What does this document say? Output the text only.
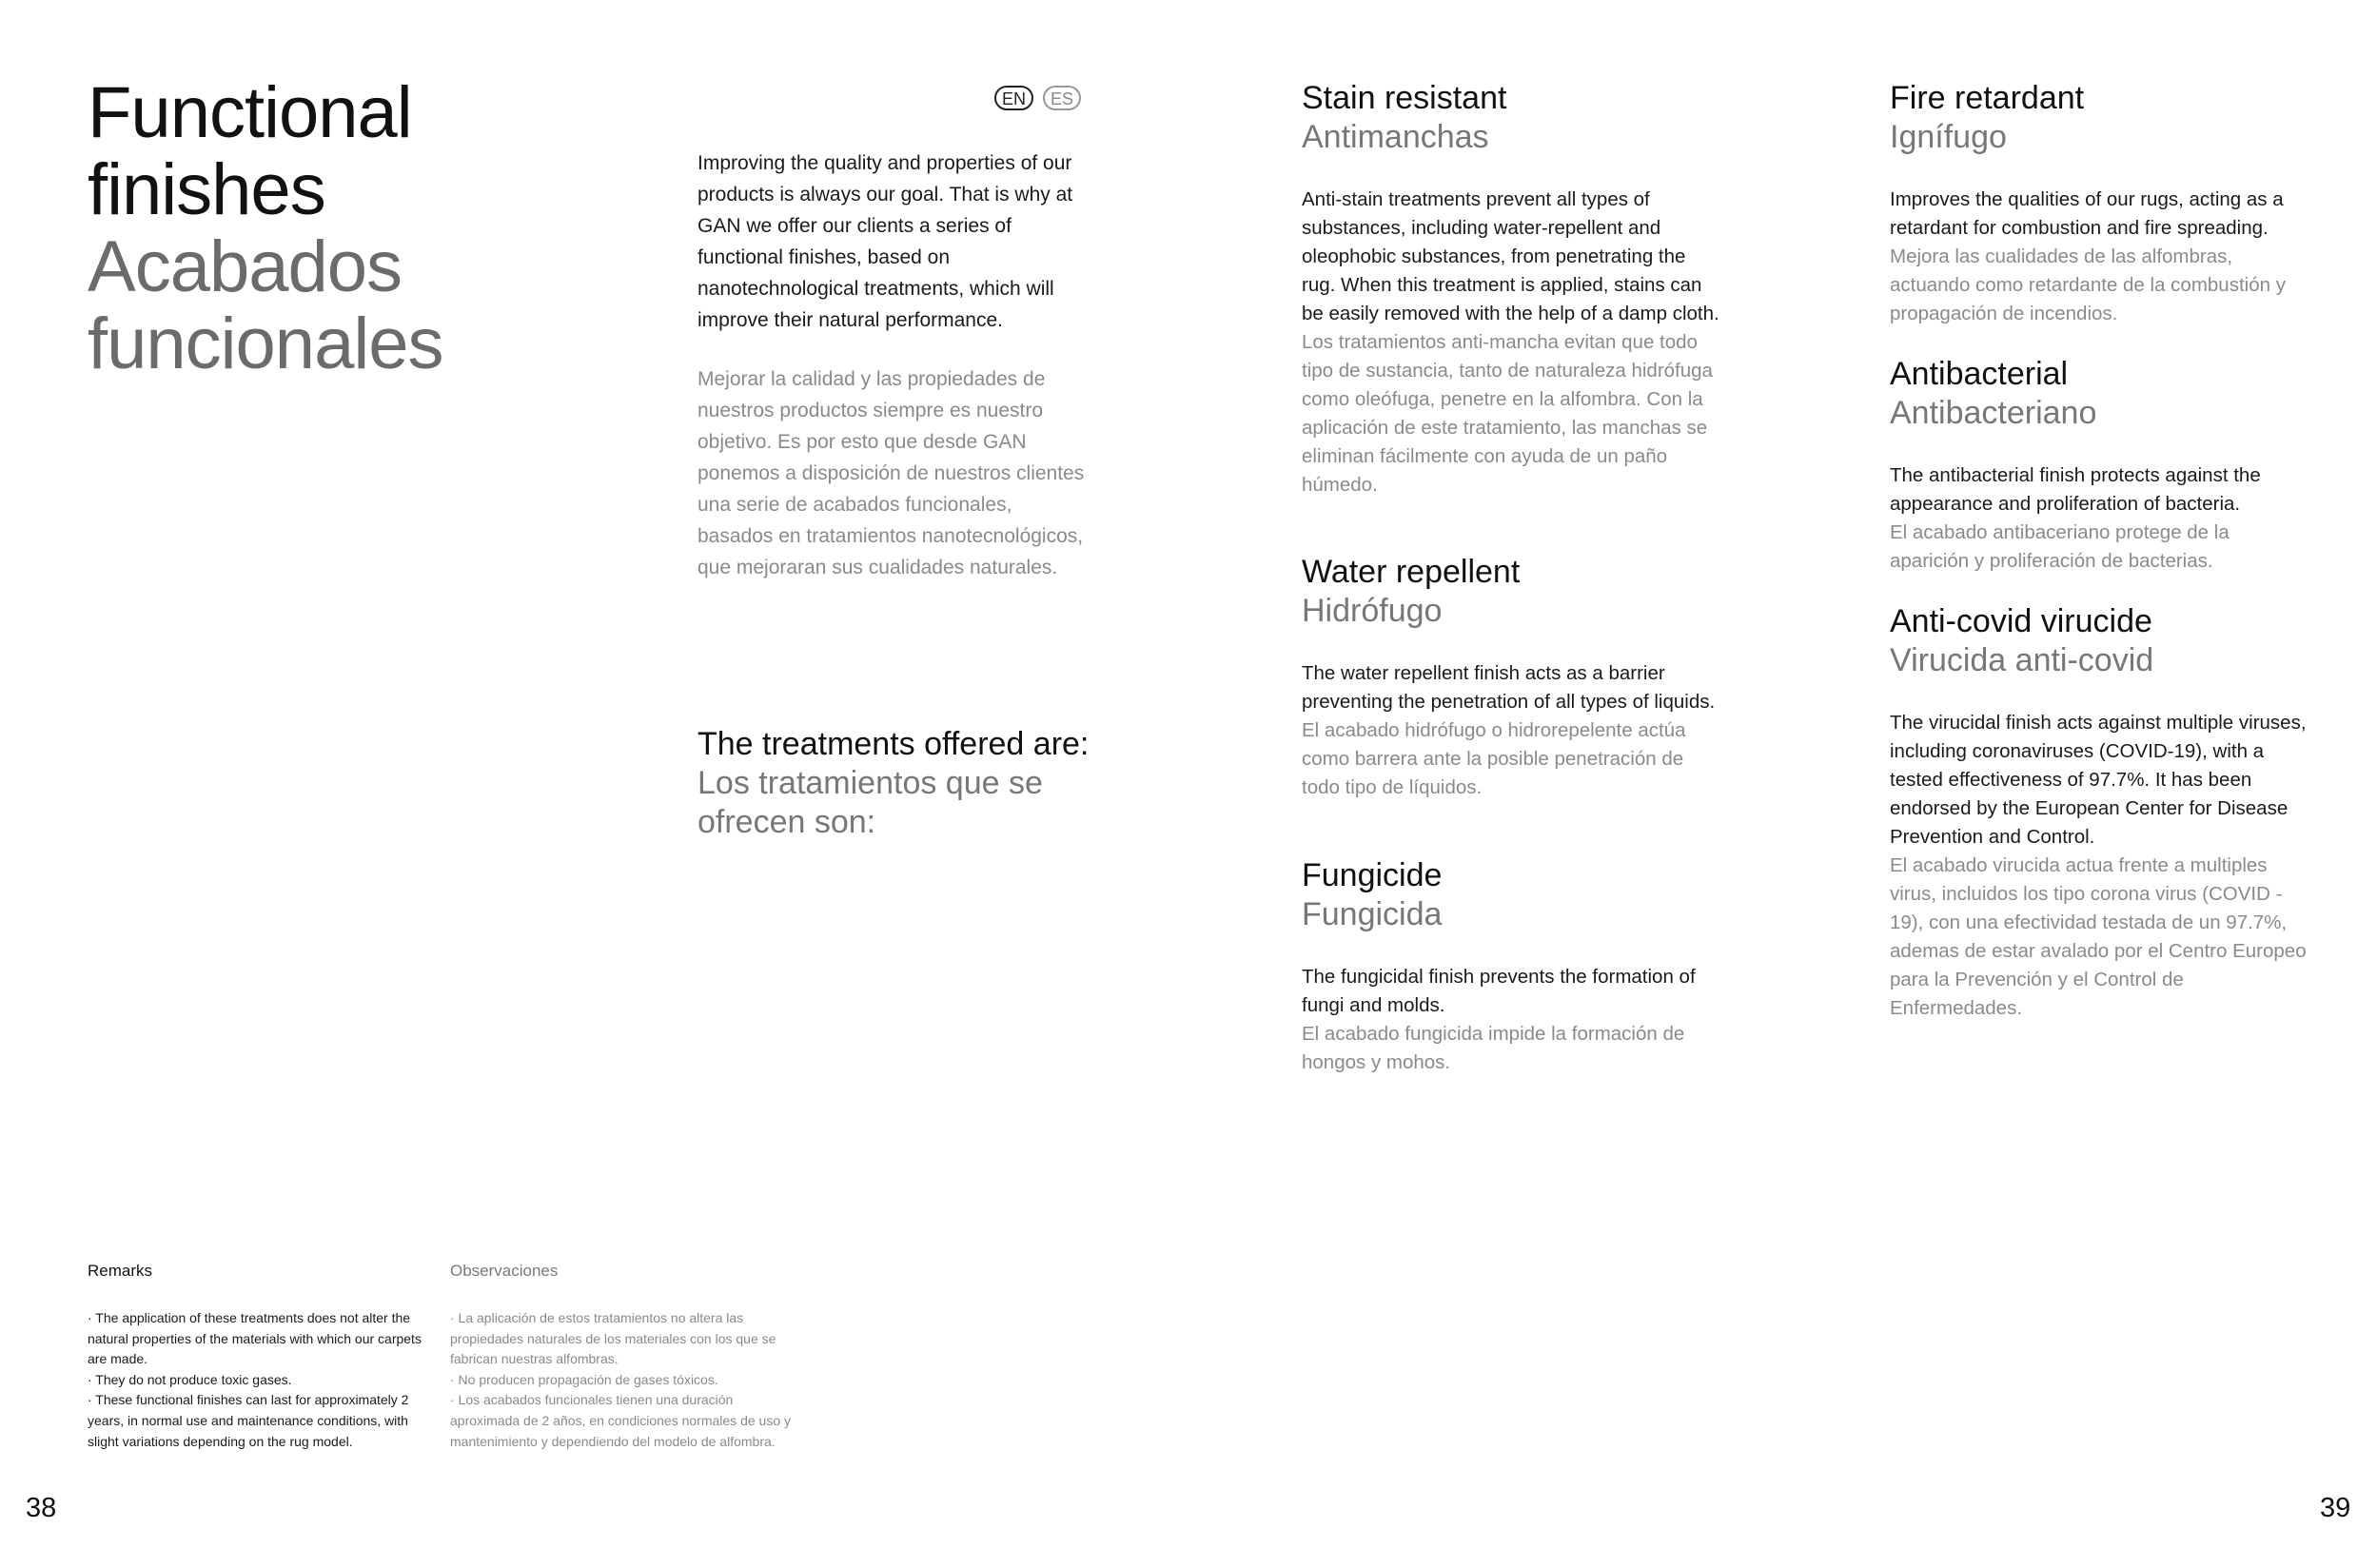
Functional
finishes
Acabados
funcionales
EN	ES

Improving the quality and properties of our products is always our goal. That is why at GAN we offer our clients a series of functional finishes, based on nanotechnological treatments, which will improve their natural performance.

Mejorar la calidad y las propiedades de nuestros productos siempre es nuestro objetivo. Es por esto que desde GAN ponemos a disposición de nuestros clientes una serie de acabados funcionales, basados en tratamientos nanotecnológicos, que mejoraran sus cualidades naturales.

The treatments offered are:
Los tratamientos que se ofrecen son:
Stain resistant
Antimanchas

Anti-stain treatments prevent all types of substances, including water-repellent and oleophobic substances, from penetrating the rug. When this treatment is applied, stains can be easily removed with the help of a damp cloth.

Los tratamientos anti-mancha evitan que todo tipo de sustancia, tanto de naturaleza hidrófuga como oleófuga, penetre en la alfombra. Con la aplicación de este tratamiento, las manchas se eliminan fácilmente con ayuda de un paño húmedo.

Water repellent
Hidrófugo

The water repellent finish acts as a barrier preventing the penetration of all types of liquids.

El acabado hidrófugo o hidrorepelente actúa como barrera ante la posible penetración de todo tipo de líquidos.

Fungicide
Fungicida

The fungicidal finish prevents the formation of fungi and molds.

El acabado fungicida impide la formación de hongos y mohos.

Fire retardant
Ignífugo

Improves the qualities of our rugs, acting as a retardant for combustion and fire spreading.

Mejora las cualidades de las alfombras, actuando como retardante de la combustión y propagación de incendios.

Antibacterial
Antibacteriano

The antibacterial finish protects against the appearance and proliferation of bacteria.

El acabado antibaceriano protege de la aparición y proliferación de bacterias.

Anti-covid virucide
Virucida anti-covid

The virucidal finish acts against multiple viruses, including coronaviruses (COVID-19), with a tested effectiveness of 97.7%. It has been endorsed by the European Center for Disease Prevention and Control.

El acabado virucida actua frente a multiples virus, incluidos los tipo corona virus (COVID - 19), con una efectividad testada de un 97.7%, ademas de estar avalado por el Centro Europeo para la Prevención y el Control de Enfermedades.

Remarks	Observaciones

· The application of these treatments does not alter the natural properties of the materials with which our carpets are made.

· They do not produce toxic gases.

· These functional finishes can last for approximately 2 years, in normal use and maintenance conditions, with slight variations depending on the rug model.

· La aplicación de estos tratamientos no altera las propiedades naturales de los materiales con los que se fabrican nuestras alfombras.

· No producen propagación de gases tóxicos.

· Los acabados funcionales tienen una duración aproximada de 2 años, en condiciones normales de uso y mantenimiento y dependiendo del modelo de alfombra.

38	39
